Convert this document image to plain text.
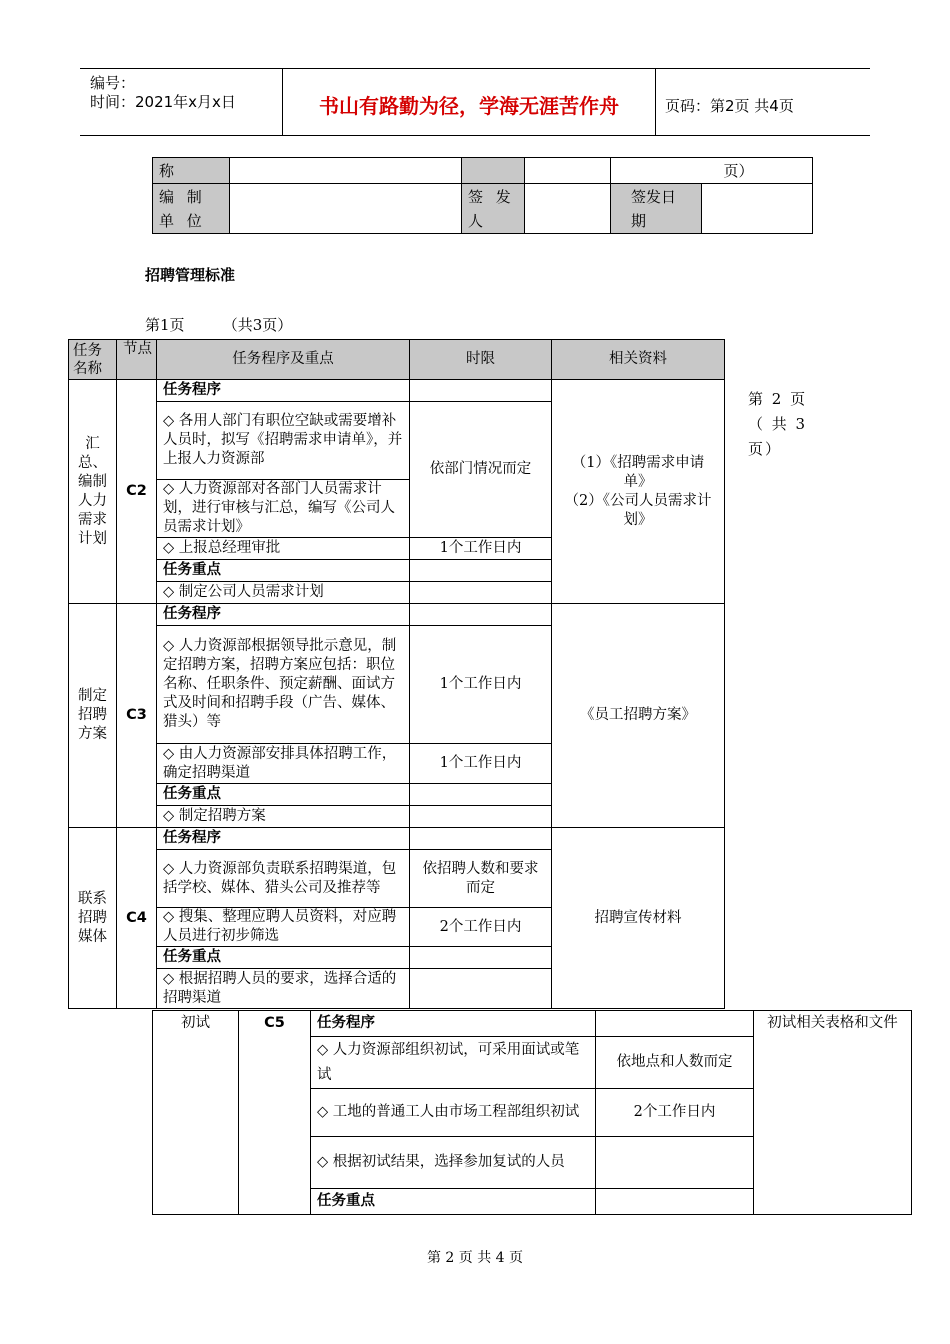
编号：
时间：2021年x月x日	书山有路勤为径，学海无涯苦作舟	页码：第2页 共4页
称				页）	
编 制 单 位		签 发 人		签发日 期	
招聘管理标准
第1页        （共3页）
第 2 页 （ 共 3 页）
任务名称	节点	任务程序及重点	时限	相关资料
汇总、编制人力需求计划	C2	任务程序		（1）《招聘需求申请单》
（2）《公司人员需求计划》
		◇ 各用人部门有职位空缺或需要增补人员时，拟写《招聘需求申请单》，并上报人力资源部	依部门情况而定	
		◇ 人力资源部对各部门人员需求计划，进行审核与汇总，编写《公司人员需求计划》		
		◇ 上报总经理审批	1个工作日内	
		任务重点		
		◇ 制定公司人员需求计划		
制定招聘方案	C3	任务程序		《员工招聘方案》
		◇ 人力资源部根据领导批示意见，制定招聘方案，招聘方案应包括：职位名称、任职条件、预定薪酬、面试方式及时间和招聘手段（广告、媒体、猎头）等	1个工作日内	
		◇ 由人力资源部安排具体招聘工作，确定招聘渠道	1个工作日内	
		任务重点		
		◇ 制定招聘方案		
联系招聘媒体	C4	任务程序		招聘宣传材料
		◇ 人力资源部负责联系招聘渠道，包括学校、媒体、猎头公司及推荐等	依招聘人数和要求而定	
		◇ 搜集、整理应聘人员资料，对应聘人员进行初步筛选	2个工作日内	
		任务重点		
		◇ 根据招聘人员的要求，选择合适的招聘渠道		
初试	C5	任务程序		初试相关表格和文件
		◇ 人力资源部组织初试，可采用面试或笔试	依地点和人数而定	
		◇ 工地的普通工人由市场工程部组织初试	2个工作日内	
		◇ 根据初试结果，选择参加复试的人员		
		任务重点		
第 2 页 共 4 页
